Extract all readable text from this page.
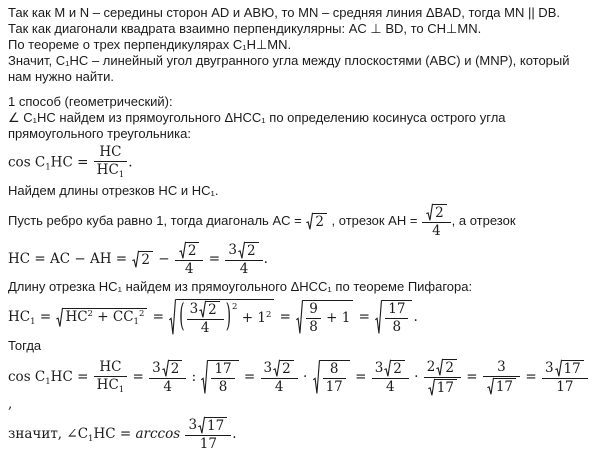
Так как M и N – середины сторон AD и АВЮ, то MN – средняя линия ΔBAD, тогда MN || DB.
Так как диагонали квадрата взаимно перпендикулярны: AC ⊥ BD, то CH⊥MN.
По теореме о трех перпендикулярах C₁H⊥MN.
Значит, C₁HC – линейный угол двугранного угла между плоскостями (ABC) и (MNP), который нам нужно найти.
1 способ (геометрический):
∠ C₁HC найдем из прямоугольного ΔHCC₁ по определению косинуса острого угла прямоугольного треугольника:
$\cos C_1HC = \frac{HC}{HC_1}$ .
Найдем длины отрезков HC и HC₁.
Пусть ребро куба равно 1, тогда диагональ AC = 2 , отрезок AH = $\frac{2}{4}$ , а отрезок
HC = AC − AH = $2 - \frac{2}{4} = \frac{3 2}{4}$ .
Длину отрезка HC₁ найдем из прямоугольного ΔHCC₁ по теореме Пифагора:
$HC_1 = HC^2 + CC_1^2$ = ( $\frac{3 2}{4} )^2 + 1^2 = \frac{9}{8} + 1 = \frac{17}{8}$ .
Тогда
$\cos C_1HC = \frac{HC}{HC_1} = \frac{3 2}{4}$ : $\frac{17}{8} = \frac{3 2}{4} \cdot \frac{8}{17} = \frac{3 2}{4} \cdot \frac{2 2}{17} = \frac{3}{17} = \frac{3 17}{17}$
,
значит, $\angle C_1HC = \arccos \frac{3 17}{17}$ .
